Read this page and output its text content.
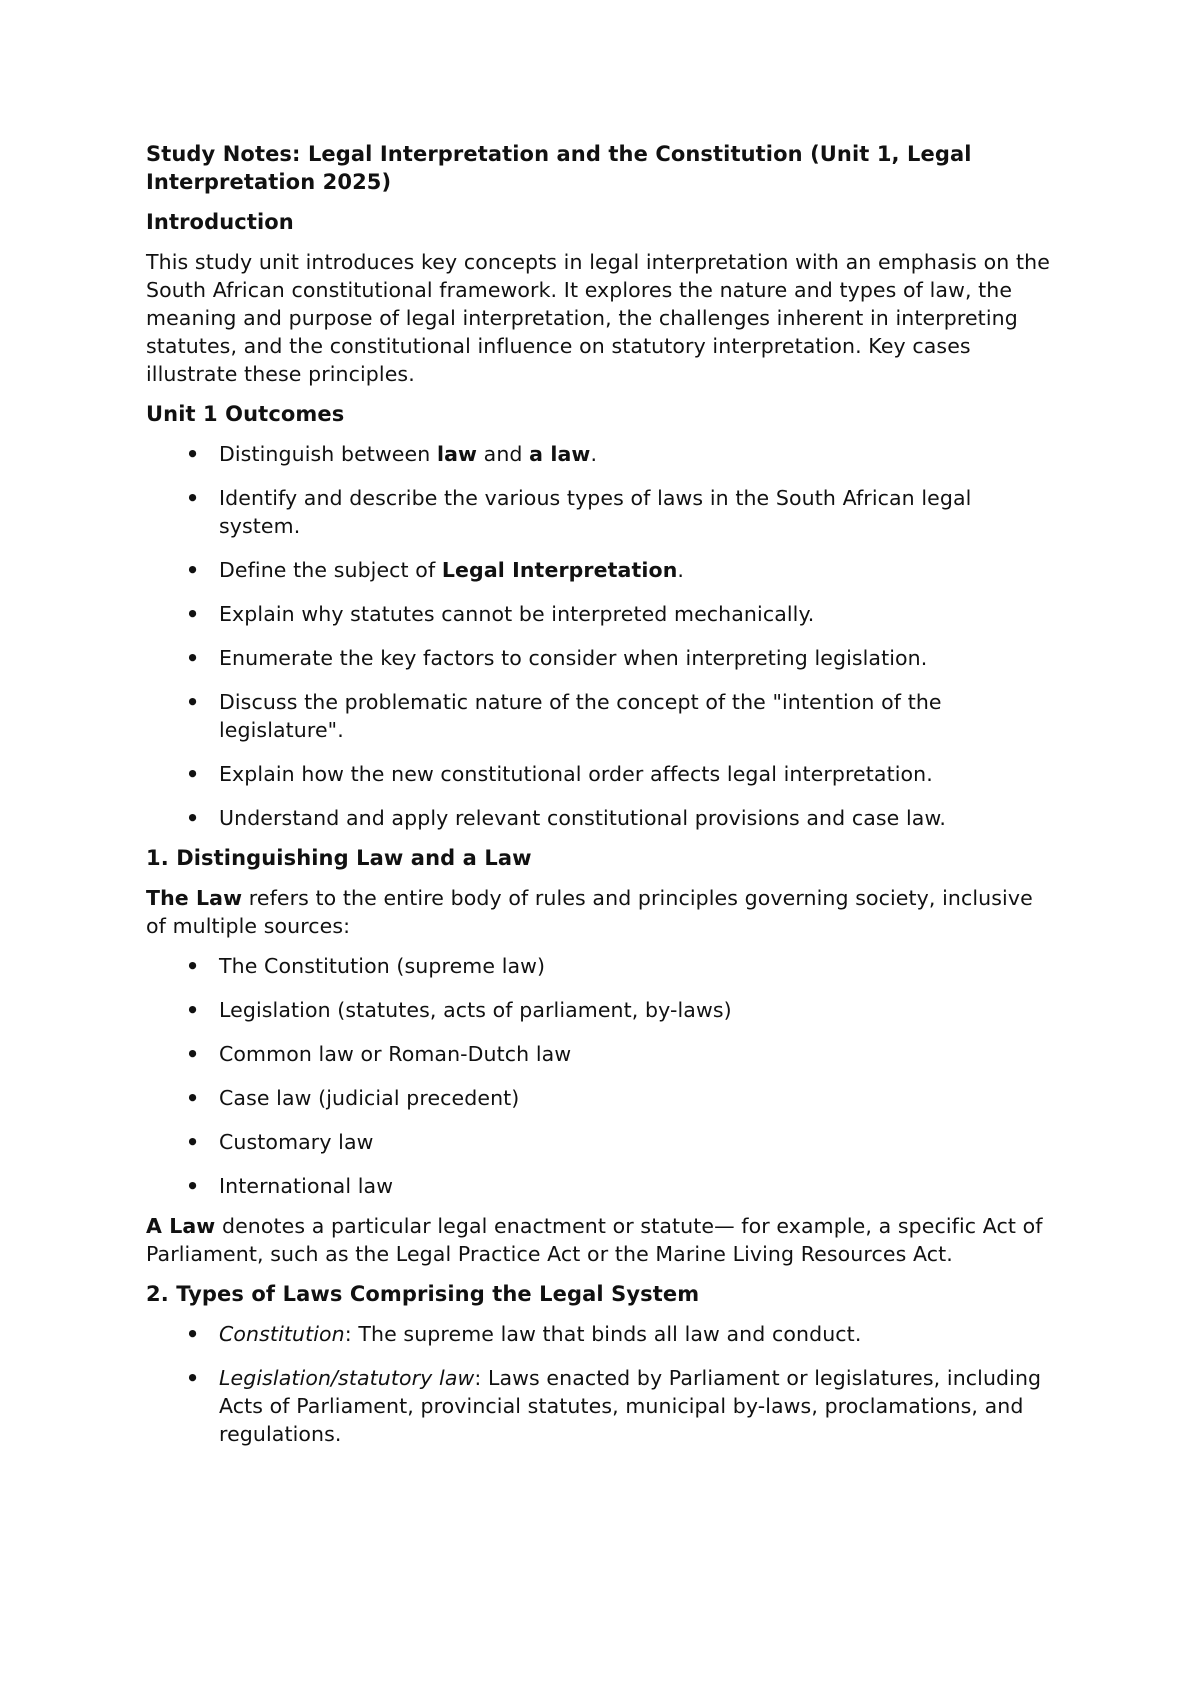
Study Notes: Legal Interpretation and the Constitution (Unit 1, Legal Interpretation 2025)
Introduction

This study unit introduces key concepts in legal interpretation with an emphasis on the South African constitutional framework. It explores the nature and types of law, the meaning and purpose of legal interpretation, the challenges inherent in interpreting statutes, and the constitutional influence on statutory interpretation. Key cases illustrate these principles.

Unit 1 Outcomes
• Distinguish between law and a law.
• Identify and describe the various types of laws in the South African legal system.
• Define the subject of Legal Interpretation.
• Explain why statutes cannot be interpreted mechanically.
• Enumerate the key factors to consider when interpreting legislation.
• Discuss the problematic nature of the concept of the "intention of the legislature".
• Explain how the new constitutional order affects legal interpretation.
• Understand and apply relevant constitutional provisions and case law.
1. Distinguishing Law and a Law

The Law refers to the entire body of rules and principles governing society, inclusive of multiple sources:

• The Constitution (supreme law)
• Legislation (statutes, acts of parliament, by-laws)
• Common law or Roman-Dutch law
• Case law (judicial precedent)
• Customary law
• International law

A Law denotes a particular legal enactment or statute— for example, a specific Act of Parliament, such as the Legal Practice Act or the Marine Living Resources Act.

2. Types of Laws Comprising the Legal System
• Constitution: The supreme law that binds all law and conduct.
• Legislation/statutory law: Laws enacted by Parliament or legislatures, including Acts of Parliament, provincial statutes, municipal by-laws, proclamations, and regulations.
